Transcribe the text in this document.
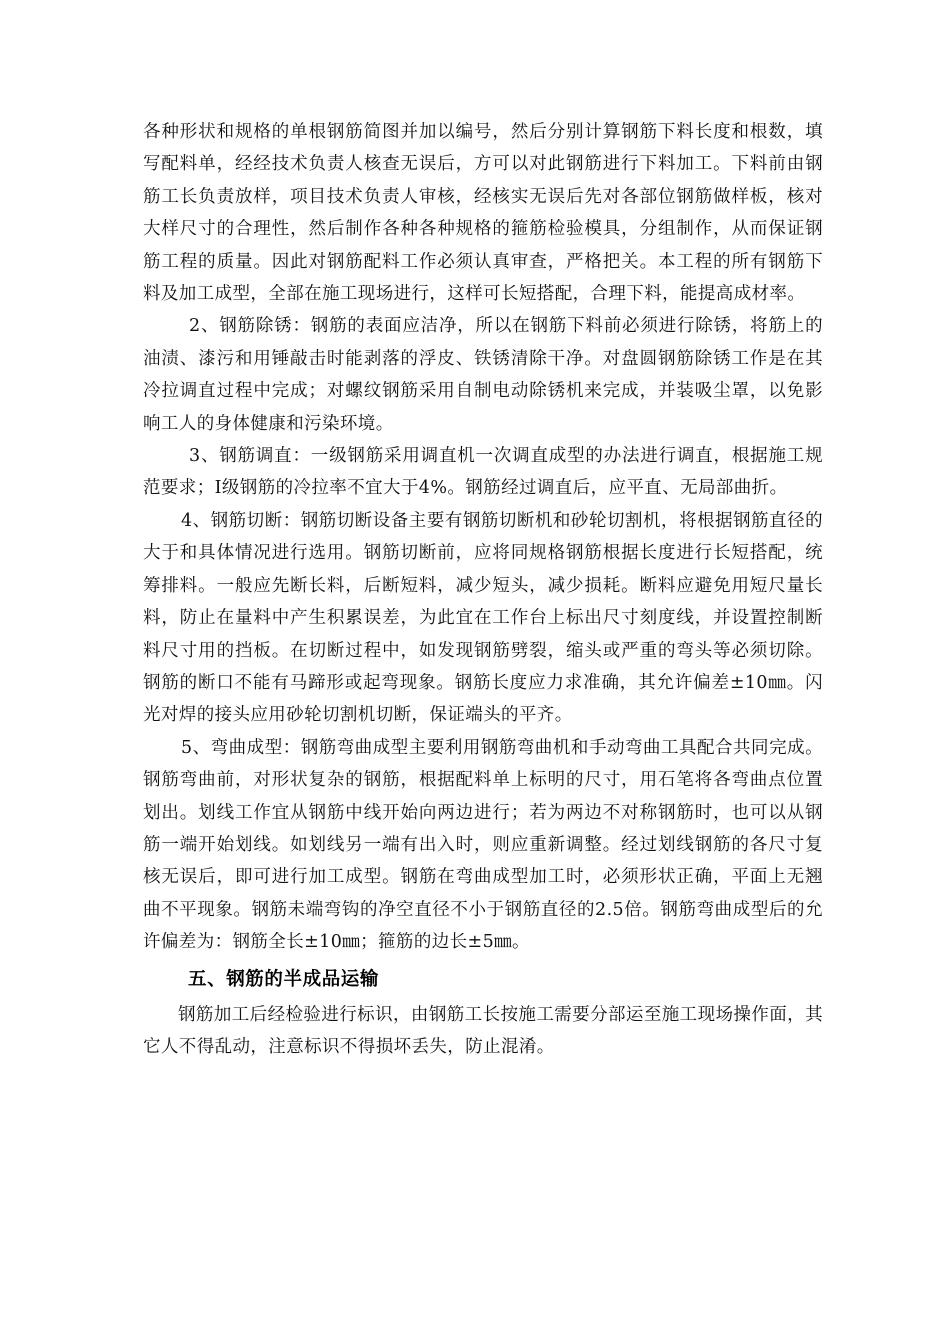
各种形状和规格的单根钢筋简图并加以编号，然后分别计算钢筋下料长度和根数，填写配料单，经经技术负责人核查无误后，方可以对此钢筋进行下料加工。下料前由钢筋工长负责放样，项目技术负责人审核，经核实无误后先对各部位钢筋做样板，核对大样尺寸的合理性，然后制作各种各种规格的箍筋检验模具，分组制作，从而保证钢筋工程的质量。因此对钢筋配料工作必须认真审查，严格把关。本工程的所有钢筋下料及加工成型，全部在施工现场进行，这样可长短搭配，合理下料，能提高成材率。

2、钢筋除锈：钢筋的表面应洁净，所以在钢筋下料前必须进行除锈，将筋上的油渍、漆污和用锤敲击时能剥落的浮皮、铁锈清除干净。对盘圆钢筋除锈工作是在其冷拉调直过程中完成；对螺纹钢筋采用自制电动除锈机来完成，并装吸尘罩，以免影响工人的身体健康和污染环境。

3、钢筋调直：一级钢筋采用调直机一次调直成型的办法进行调直，根据施工规范要求；I级钢筋的冷拉率不宜大于4%。钢筋经过调直后，应平直、无局部曲折。

4、钢筋切断：钢筋切断设备主要有钢筋切断机和砂轮切割机，将根据钢筋直径的大于和具体情况进行选用。钢筋切断前，应将同规格钢筋根据长度进行长短搭配，统筹排料。一般应先断长料，后断短料，减少短头，减少损耗。断料应避免用短尺量长料，防止在量料中产生积累误差，为此宜在工作台上标出尺寸刻度线，并设置控制断料尺寸用的挡板。在切断过程中，如发现钢筋劈裂，缩头或严重的弯头等必须切除。钢筋的断口不能有马蹄形或起弯现象。钢筋长度应力求准确，其允许偏差±10㎜。闪光对焊的接头应用砂轮切割机切断，保证端头的平齐。

5、弯曲成型：钢筋弯曲成型主要利用钢筋弯曲机和手动弯曲工具配合共同完成。钢筋弯曲前，对形状复杂的钢筋，根据配料单上标明的尺寸，用石笔将各弯曲点位置划出。划线工作宜从钢筋中线开始向两边进行；若为两边不对称钢筋时，也可以从钢筋一端开始划线。如划线另一端有出入时，则应重新调整。经过划线钢筋的各尺寸复核无误后，即可进行加工成型。钢筋在弯曲成型加工时，必须形状正确，平面上无翘曲不平现象。钢筋未端弯钩的净空直径不小于钢筋直径的2.5倍。钢筋弯曲成型后的允许偏差为：钢筋全长±10㎜；箍筋的边长±5㎜。

五、钢筋的半成品运输

钢筋加工后经检验进行标识，由钢筋工长按施工需要分部运至施工现场操作面，其它人不得乱动，注意标识不得损坏丢失，防止混淆。
